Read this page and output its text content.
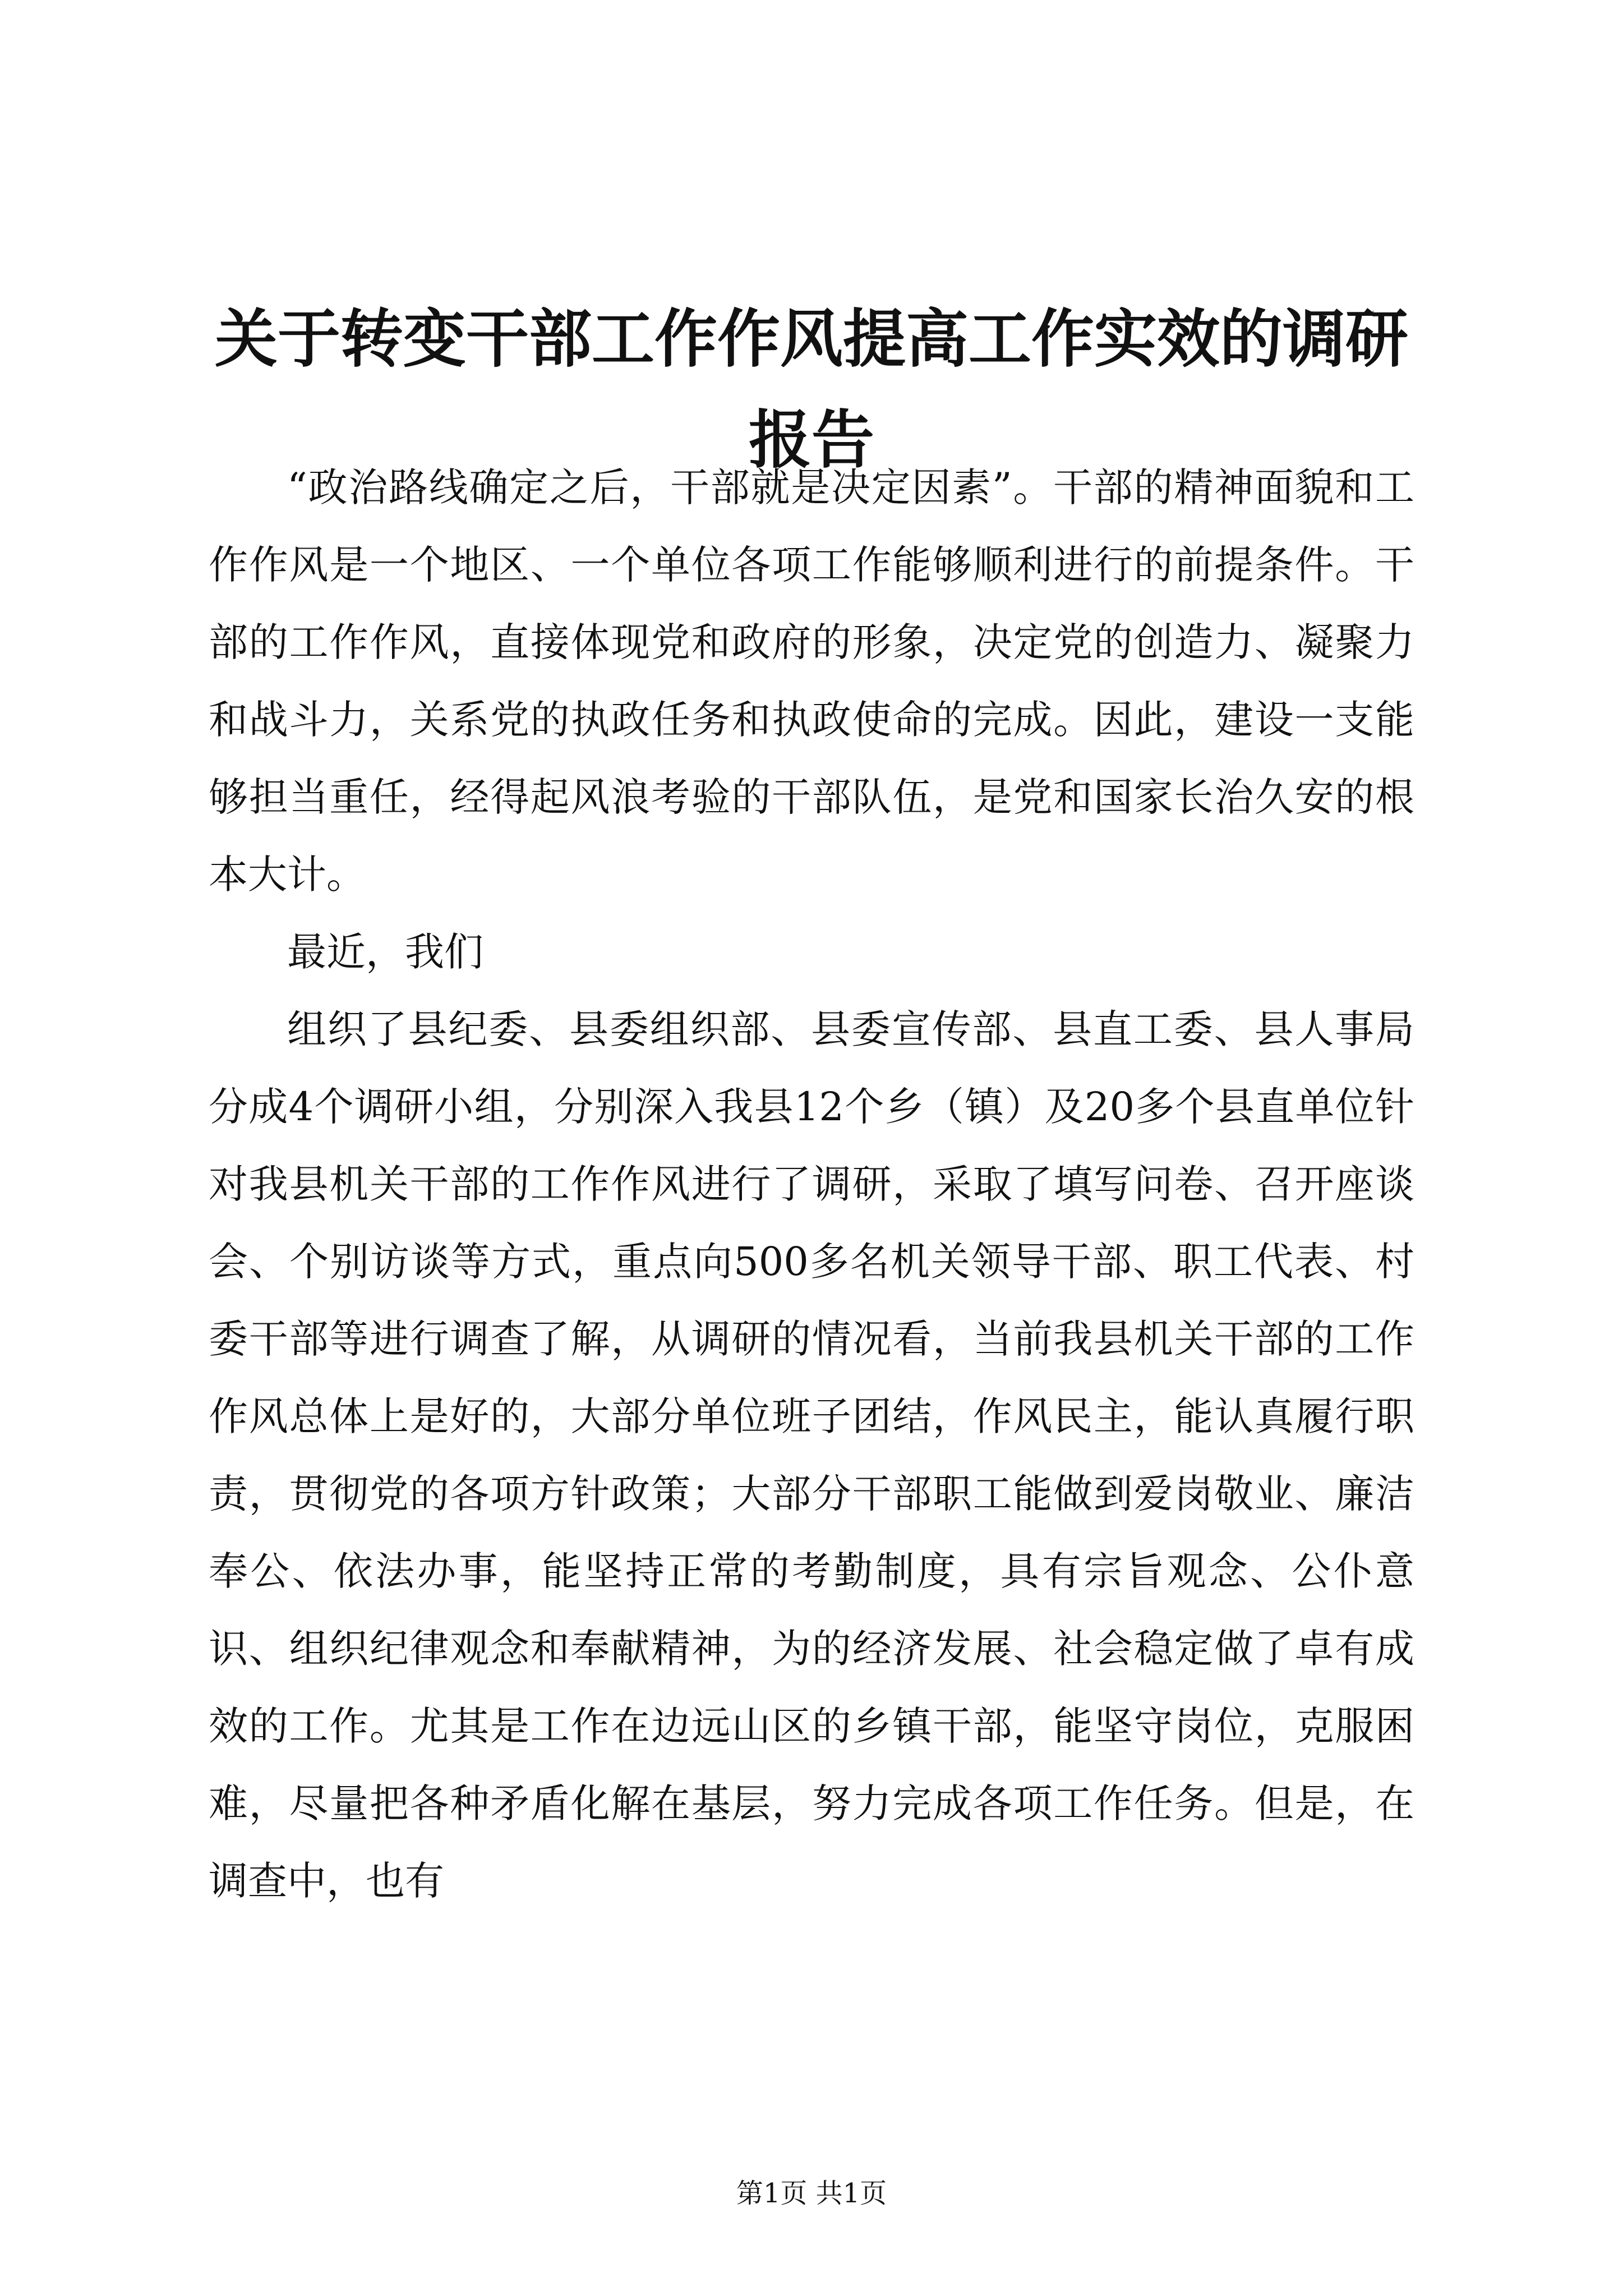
关于转变干部工作作风提高工作实效的调研报告

“政治路线确定之后，干部就是决定因素”。干部的精神面貌和工作作风是一个地区、一个单位各项工作能够顺利进行的前提条件。干部的工作作风，直接体现党和政府的形象，决定党的创造力、凝聚力和战斗力，关系党的执政任务和执政使命的完成。因此，建设一支能够担当重任，经得起风浪考验的干部队伍，是党和国家长治久安的根本大计。

最近，我们

组织了县纪委、县委组织部、县委宣传部、县直工委、县人事局分成4个调研小组，分别深入我县12个乡（镇）及20多个县直单位针对我县机关干部的工作作风进行了调研，采取了填写问卷、召开座谈会、个别访谈等方式，重点向500多名机关领导干部、职工代表、村委干部等进行调查了解，从调研的情况看，当前我县机关干部的工作作风总体上是好的，大部分单位班子团结，作风民主，能认真履行职责，贯彻党的各项方针政策；大部分干部职工能做到爱岗敬业、廉洁奉公、依法办事，能坚持正常的考勤制度，具有宗旨观念、公仆意识、组织纪律观念和奉献精神，为的经济发展、社会稳定做了卓有成效的工作。尤其是工作在边远山区的乡镇干部，能坚守岗位，克服困难，尽量把各种矛盾化解在基层，努力完成各项工作任务。但是，在调查中，也有

第1页 共1页
